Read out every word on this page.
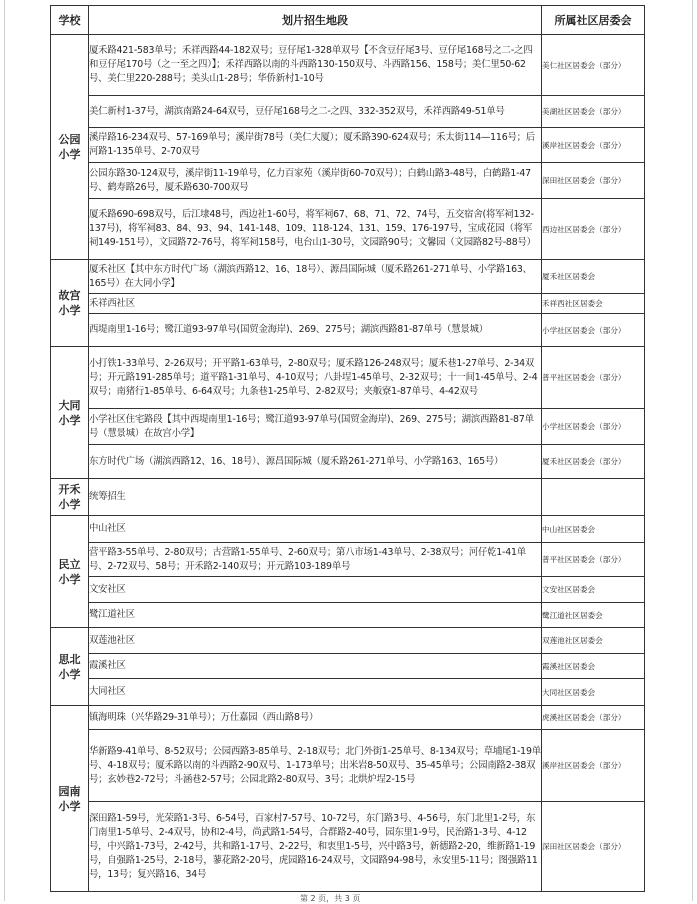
学校	划片招生地段	所属社区居委会
公园小学	厦禾路421-583单号；禾祥西路44-182双号；豆仔尾1-328单双号【不含豆仔尾3号、豆仔尾168号之二-之四和豆仔尾170号（之一至之四）】；禾祥西路以南的斗西路130-150双号、斗西路156、158号；美仁里50-62号、美仁里220-288号；美头山1-28号；华侨新村1-10号	美仁社区居委会（部分）
	美仁新村1-37号，湖滨南路24-64双号，豆仔尾168号之二-之四、332-352双号，禾祥西路49-51单号	美湖社区居委会（部分）
	溪岸路16-234双号、57-169单号；溪岸街78号（美仁大厦）；厦禾路390-624双号；禾太街114—116号；后河路1-135单号、2-70双号	溪岸社区居委会（部分）
	公园东路30-124双号，溪岸街11-19单号，亿力百家苑（溪岸街60-70双号）；白鹤山路3-48号，白鹤路1-47号、鹤寿路26号，厦禾路630-700双号	深田社区居委会（部分）
	厦禾路690-698双号，后江埭48号，西边社1-60号，将军祠67、68、71、72、74号，五交宿舍(将军祠132-137号)，将军祠83、84、93、94、141-148、109、118-124、131、159、176-197号，宝成花园（将军祠149-151号），文园路72-76号，将军祠158号，电台山1-30号，文园路90号；文馨园（文园路82号-88号）	西边社区居委会（部分）
故宫小学	厦禾社区【其中东方时代广场（湖滨西路12、16、18号）、源昌国际城（厦禾路261-271单号、小学路163、165号）在大同小学】	厦禾社区居委会
	禾祥西社区	禾祥西社区居委会
	西堤南里1-16号；鹭江道93-97单号(国贸金海岸)、269、275号；湖滨西路81-87单号（慧景城）	小学社区居委会（部分）
大同小学	小打铁1-33单号、2-26双号；开平路1-63单号，2-80双号；厦禾路126-248双号；厦禾巷1-27单号、2-34双号；开元路191-285单号；道平路1-31单号、4-10双号；八卦埕1-45单号、2-32双号；十一间1-45单号、2-4双号；南猪行1-85单号、6-64双号；九条巷1-25单号、2-82双号；夹舨寮1-87单号、4-42双号	普平社区居委会（部分）
	小学社区住宅路段【其中西堤南里1-16号；鹭江道93-97单号(国贸金海岸)、269、275号；湖滨西路81-87单号（慧景城）在故宫小学】	小学社区居委会（部分）
	东方时代广场（湖滨西路12、16、18号）、源昌国际城（厦禾路261-271单号、小学路163、165号）	厦禾社区居委会（部分）
开禾小学	统筹招生	
民立小学	中山社区	中山社区居委会
	营平路3-55单号、2-80双号；古营路1-55单号、2-60双号；第八市场1-43单号、2-38双号；河仔乾1-41单号、2-72双号、58号；开禾路2-140双号；开元路103-189单号	普平社区居委会（部分）
	文安社区	文安社区居委会
	鹭江道社区	鹭江道社区居委会
思北小学	双莲池社区	双莲池社区居委会
	霞溪社区	霞溪社区居委会
	大同社区	大同社区居委会
园南小学	镇海明珠（兴华路29-31单号）；万仕嘉园（西山路8号）	虎溪社区居委会（部分）
	华新路9-41单号、8-52双号；公园西路3-85单号、2-18双号；北门外街1-25单号、8-134双号；草埔尾1-19单号、4-18双号；厦禾路以南的斗西路2-90双号、1-173单号；出米岩8-50双号、35-45单号；公园南路2-38双号；玄妙巷2-72号；斗涵巷2-57号；公园北路2-80双号、3号；北烘炉埕2-15号	溪岸社区居委会（部分）
	深田路1-59号，光荣路1-3号、6-54号，百家村7-57号、10-72号，东门路3号、4-56号，东门北里1-2号，东门南里1-5单号、2-4双号，协和2-4号，尚武路1-54号，合群路2-40号，园东里1-9号，民治路1-3号、4-12号，中兴路1-73号，2-42号，共和路1-17号、2-22号，和衷里1-5号，兴中路3号，新德路2-20，维新路1-19号，自强路1-25号，2-18号，蓼花路2-20号，虎园路16-24双号，文园路94-98号，永安里5-11号；图强路11号，13号；复兴路16、34号	深田社区居委会（部分）
第 2 页，共 3 页
